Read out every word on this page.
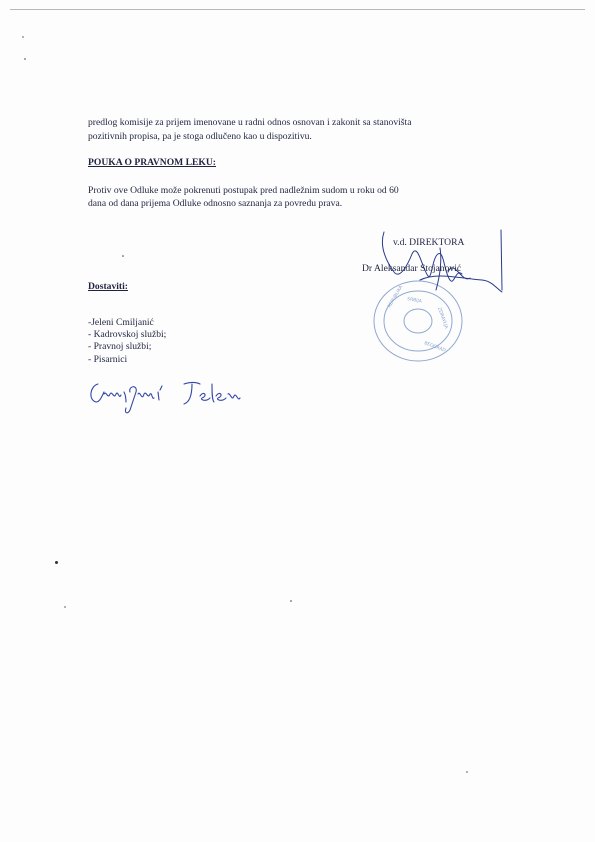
predlog komisije za prijem imenovane u radni odnos osnovan i zakonit sa stanovišta

pozitivnih propisa, pa je stoga odlučeno kao u dispozitivu.

POUKA O PRAVNOM LEKU:

Protiv ove Odluke može pokrenuti postupak pred nadležnim sudom u roku od 60

dana od dana prijema Odluke odnosno saznanja za povredu prava.

REPUBLIKA SRBIJA
BEOGRAD
ZDRAVLJA

v.d. DIREKTORA

Dr Aleksandar Stojanović

Dostaviti:

-Jeleni Cmiljanić
- Kadrovskoj službi;
- Pravnoj službi;
- Pisarnici
